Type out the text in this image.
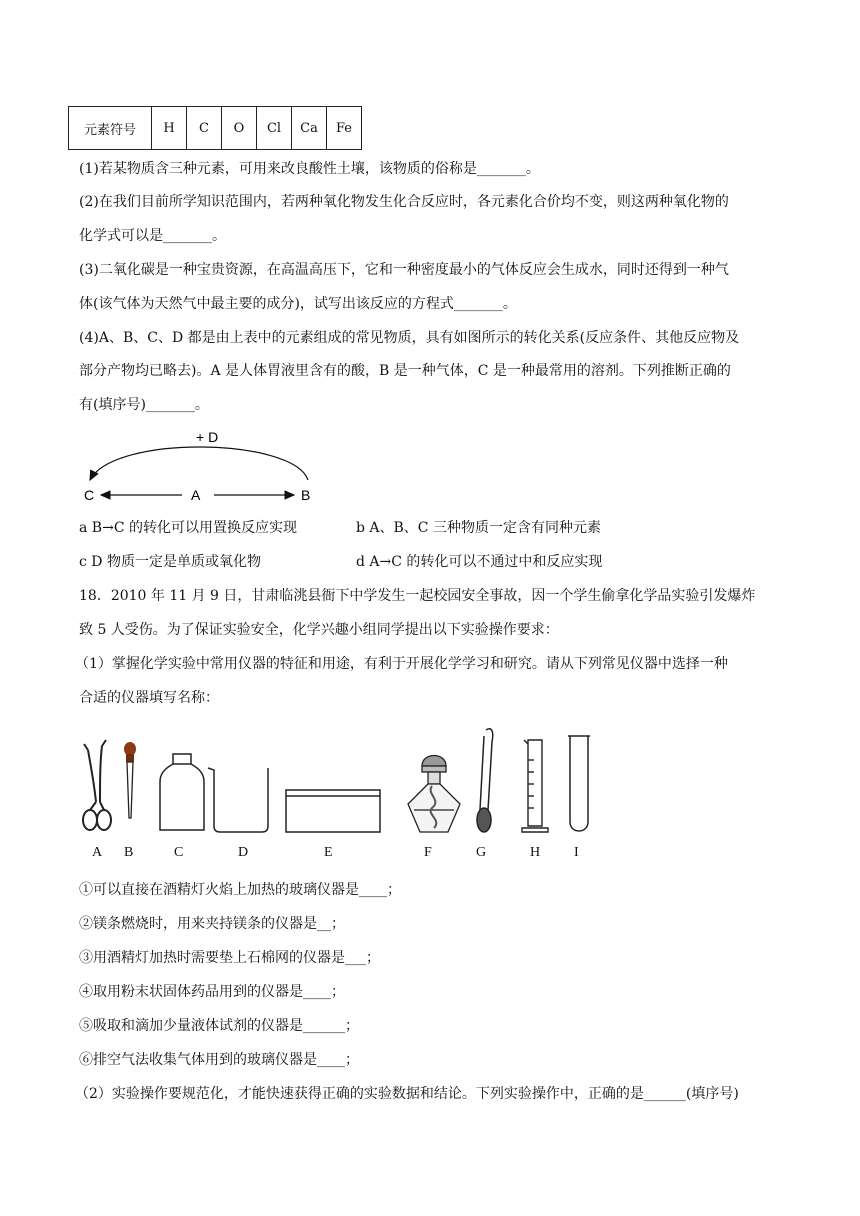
元素符号	H	C	O	Cl	Ca	Fe
(1)若某物质含三种元素，可用来改良酸性土壤，该物质的俗称是_______。
(2)在我们目前所学知识范围内，若两种氧化物发生化合反应时，各元素化合价均不变，则这两种氧化物的
化学式可以是_______。
(3)二氧化碳是一种宝贵资源，在高温高压下，它和一种密度最小的气体反应会生成水，同时还得到一种气
体(该气体为天然气中最主要的成分)，试写出该反应的方程式_______。
(4)A、B、C、D 都是由上表中的元素组成的常见物质，具有如图所示的转化关系(反应条件、其他反应物及
部分产物均已略去)。A 是人体胃液里含有的酸，B 是一种气体，C 是一种最常用的溶剂。下列推断正确的
有(填序号)_______。
+ D
C	A	B
a B→C 的转化可以用置换反应实现	b A、B、C 三种物质一定含有同种元素
c D 物质一定是单质或氧化物	d A→C 的转化可以不通过中和反应实现
18．2010 年 11 月 9 日，甘肃临洮县衙下中学发生一起校园安全事故，因一个学生偷拿化学品实验引发爆炸
致 5 人受伤。为了保证实验安全，化学兴趣小组同学提出以下实验操作要求：
（1）掌握化学实验中常用仪器的特征和用途，有利于开展化学学习和研究。请从下列常见仪器中选择一种
合适的仪器填写名称：
A B	C	D	E	F	G	H I
①可以直接在酒精灯火焰上加热的玻璃仪器是____；
②镁条燃烧时，用来夹持镁条的仪器是__；
③用酒精灯加热时需要垫上石棉网的仪器是___；
④取用粉末状固体药品用到的仪器是____；
⑤吸取和滴加少量液体试剂的仪器是______；
⑥排空气法收集气体用到的玻璃仪器是____；
（2）实验操作要规范化，才能快速获得正确的实验数据和结论。下列实验操作中，正确的是______(填序号)
